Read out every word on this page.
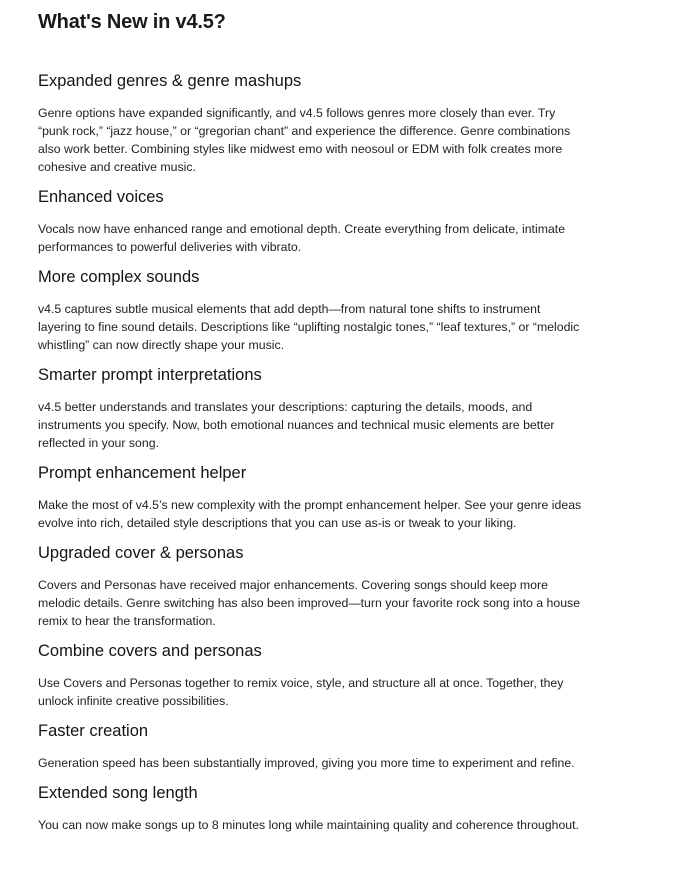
What's New in v4.5?
Expanded genres & genre mashups

Genre options have expanded significantly, and v4.5 follows genres more closely than ever. Try “punk rock,” “jazz house,” or “gregorian chant” and experience the difference. Genre combinations also work better. Combining styles like midwest emo with neosoul or EDM with folk creates more cohesive and creative music.

Enhanced voices

Vocals now have enhanced range and emotional depth. Create everything from delicate, intimate performances to powerful deliveries with vibrato.

More complex sounds

v4.5 captures subtle musical elements that add depth—from natural tone shifts to instrument layering to fine sound details. Descriptions like “uplifting nostalgic tones,” “leaf textures,” or “melodic whistling” can now directly shape your music.

Smarter prompt interpretations

v4.5 better understands and translates your descriptions: capturing the details, moods, and instruments you specify. Now, both emotional nuances and technical music elements are better reflected in your song.

Prompt enhancement helper

Make the most of v4.5’s new complexity with the prompt enhancement helper. See your genre ideas evolve into rich, detailed style descriptions that you can use as-is or tweak to your liking.

Upgraded cover & personas

Covers and Personas have received major enhancements. Covering songs should keep more melodic details. Genre switching has also been improved—turn your favorite rock song into a house remix to hear the transformation.

Combine covers and personas

Use Covers and Personas together to remix voice, style, and structure all at once. Together, they unlock infinite creative possibilities.

Faster creation

Generation speed has been substantially improved, giving you more time to experiment and refine.

Extended song length

You can now make songs up to 8 minutes long while maintaining quality and coherence throughout.
